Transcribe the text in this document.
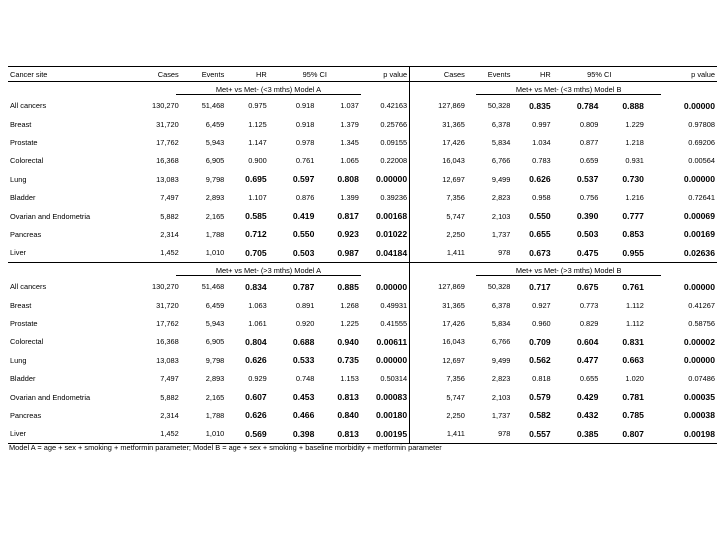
Cancer site	Cases	Events	HR	95% CI		p value		Cases	Events	HR	95% CI		p value
	Met+ vs Met- (<3 mths) Model A							Met+ vs Met- (<3 mths) Model B					
All cancers	130,270	51,468	0.975	0.918	1.037	0.42163		127,869	50,328	0.835	0.784	0.888	0.00000
Breast	31,720	6,459	1.125	0.918	1.379	0.25766		31,365	6,378	0.997	0.809	1.229	0.97808
Prostate	17,762	5,943	1.147	0.978	1.345	0.09155		17,426	5,834	1.034	0.877	1.218	0.69206
Colorectal	16,368	6,905	0.900	0.761	1.065	0.22008		16,043	6,766	0.783	0.659	0.931	0.00564
Lung	13,083	9,798	0.695	0.597	0.808	0.00000		12,697	9,499	0.626	0.537	0.730	0.00000
Bladder	7,497	2,893	1.107	0.876	1.399	0.39236		7,356	2,823	0.958	0.756	1.216	0.72641
Ovarian and Endometria	5,882	2,165	0.585	0.419	0.817	0.00168		5,747	2,103	0.550	0.390	0.777	0.00069
Pancreas	2,314	1,788	0.712	0.550	0.923	0.01022		2,250	1,737	0.655	0.503	0.853	0.00169
Liver	1,452	1,010	0.705	0.503	0.987	0.04184		1,411	978	0.673	0.475	0.955	0.02636
	Met+ vs Met- (>3 mths) Model A							Met+ vs Met- (>3 mths) Model B					
All cancers	130,270	51,468	0.834	0.787	0.885	0.00000		127,869	50,328	0.717	0.675	0.761	0.00000
Breast	31,720	6,459	1.063	0.891	1.268	0.49931		31,365	6,378	0.927	0.773	1.112	0.41267
Prostate	17,762	5,943	1.061	0.920	1.225	0.41555		17,426	5,834	0.960	0.829	1.112	0.58756
Colorectal	16,368	6,905	0.804	0.688	0.940	0.00611		16,043	6,766	0.709	0.604	0.831	0.00002
Lung	13,083	9,798	0.626	0.533	0.735	0.00000		12,697	9,499	0.562	0.477	0.663	0.00000
Bladder	7,497	2,893	0.929	0.748	1.153	0.50314		7,356	2,823	0.818	0.655	1.020	0.07486
Ovarian and Endometria	5,882	2,165	0.607	0.453	0.813	0.00083		5,747	2,103	0.579	0.429	0.781	0.00035
Pancreas	2,314	1,788	0.626	0.466	0.840	0.00180		2,250	1,737	0.582	0.432	0.785	0.00038
Liver	1,452	1,010	0.569	0.398	0.813	0.00195		1,411	978	0.557	0.385	0.807	0.00198
Model A = age + sex + smoking + metformin parameter; Model B = age + sex + smoking + baseline morbidity + metformin parameter
